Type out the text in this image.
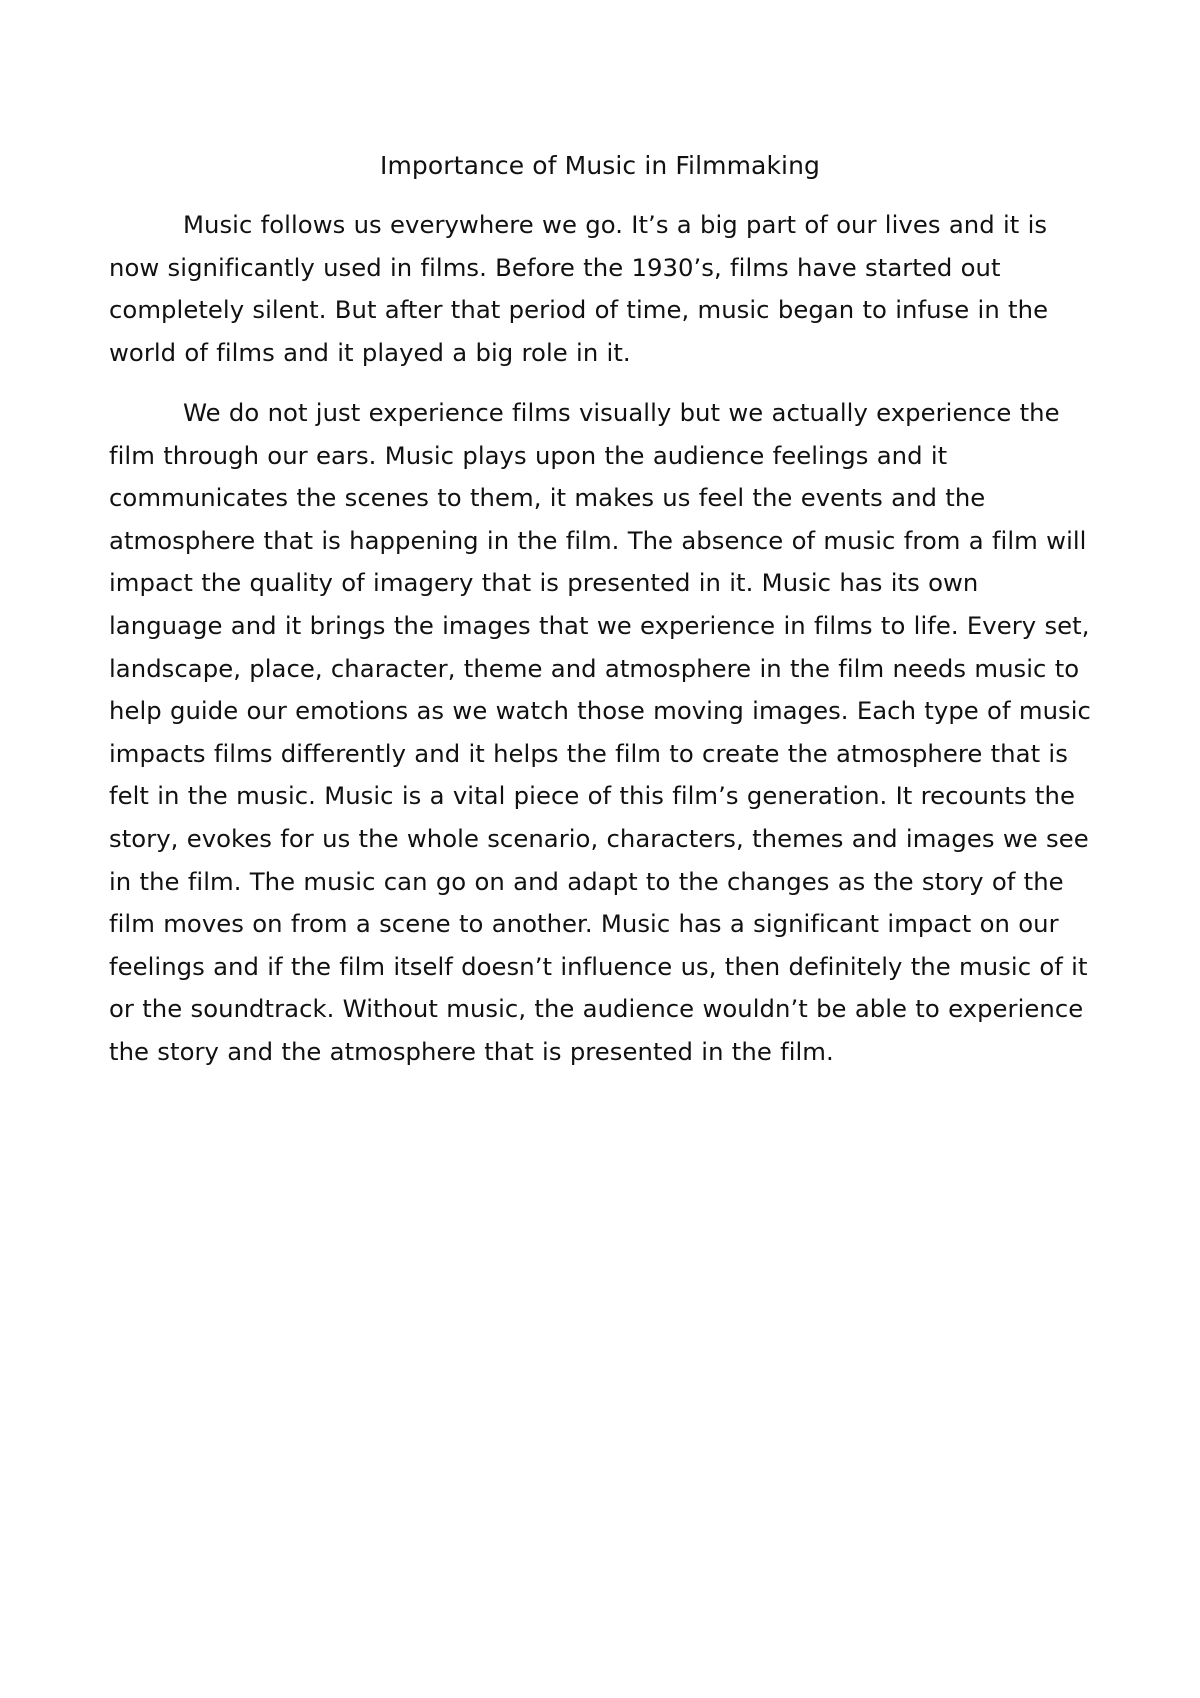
Importance of Music in Filmmaking

Music follows us everywhere we go. It’s a big part of our lives and it is now significantly used in films. Before the 1930’s, films have started out completely silent. But after that period of time, music began to infuse in the world of films and it played a big role in it.

We do not just experience films visually but we actually experience the film through our ears. Music plays upon the audience feelings and it communicates the scenes to them, it makes us feel the events and the atmosphere that is happening in the film. The absence of music from a film will impact the quality of imagery that is presented in it. Music has its own language and it brings the images that we experience in films to life. Every set, landscape, place, character, theme and atmosphere in the film needs music to help guide our emotions as we watch those moving images. Each type of music impacts films differently and it helps the film to create the atmosphere that is felt in the music. Music is a vital piece of this film’s generation. It recounts the story, evokes for us the whole scenario, characters, themes and images we see in the film. The music can go on and adapt to the changes as the story of the film moves on from a scene to another. Music has a significant impact on our feelings and if the film itself doesn’t influence us, then definitely the music of it or the soundtrack. Without music, the audience wouldn’t be able to experience the story and the atmosphere that is presented in the film.
